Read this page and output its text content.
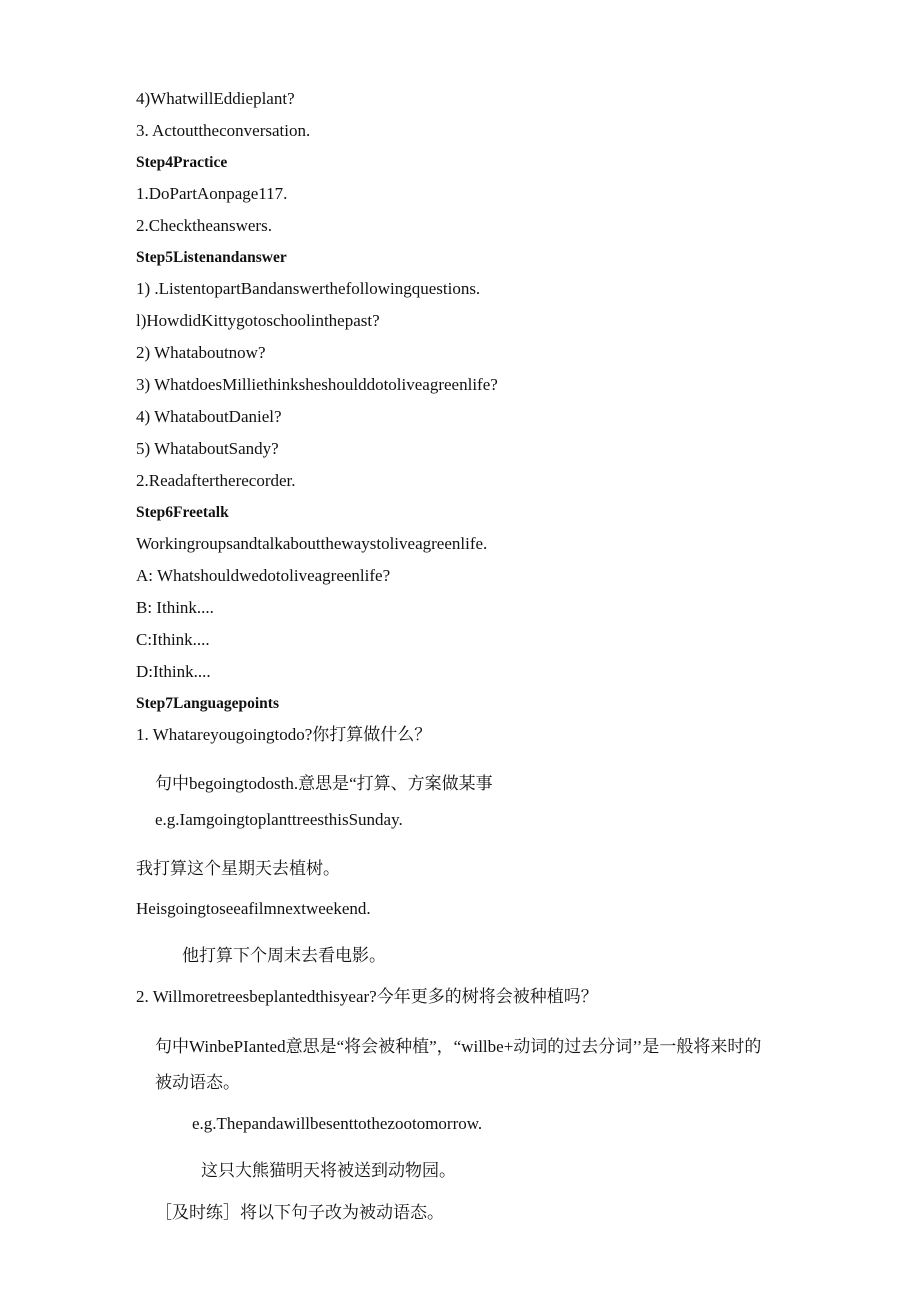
4)WhatwillEddieplant?
3. Actouttheconversation.
Step4Practice
1.DoPartAonpage117.
2.Checktheanswers.
Step5Listenandanswer
1) .ListentopartBandanswerthefollowingquestions.
l)HowdidKittygotoschoolinthepast?
2) Whataboutnow?
3) WhatdoesMilliethinksheshoulddotoliveagreenlife?
4) WhataboutDaniel?
5) WhataboutSandy?
2.Readaftertherecorder.
Step6Freetalk
Workingroupsandtalkaboutthewaystoliveagreenlife.
A: Whatshouldwedotoliveagreenlife?
B: Ithink....
C:Ithink....
D:Ithink....
Step7Languagepoints
1. Whatareyougoingtodo?你打算做什么？
句中begoingtodosth.意思是“打算、方案做某事
e.g.IamgoingtoplanttreesthisSunday.
我打算这个星期天去植树。
Heisgoingtoseeafilmnextweekend.
他打算下个周末去看电影。
2. Willmoretreesbeplantedthisyear?今年更多的树将会被种植吗？
句中WinbePIanted意思是“将会被种植”，“willbe+动词的过去分词’’是一般将来时的
被动语态。
e.g.Thepandawillbesenttothezootomorrow.
这只大熊猫明天将被送到动物园。
［及时练］将以下句子改为被动语态。
